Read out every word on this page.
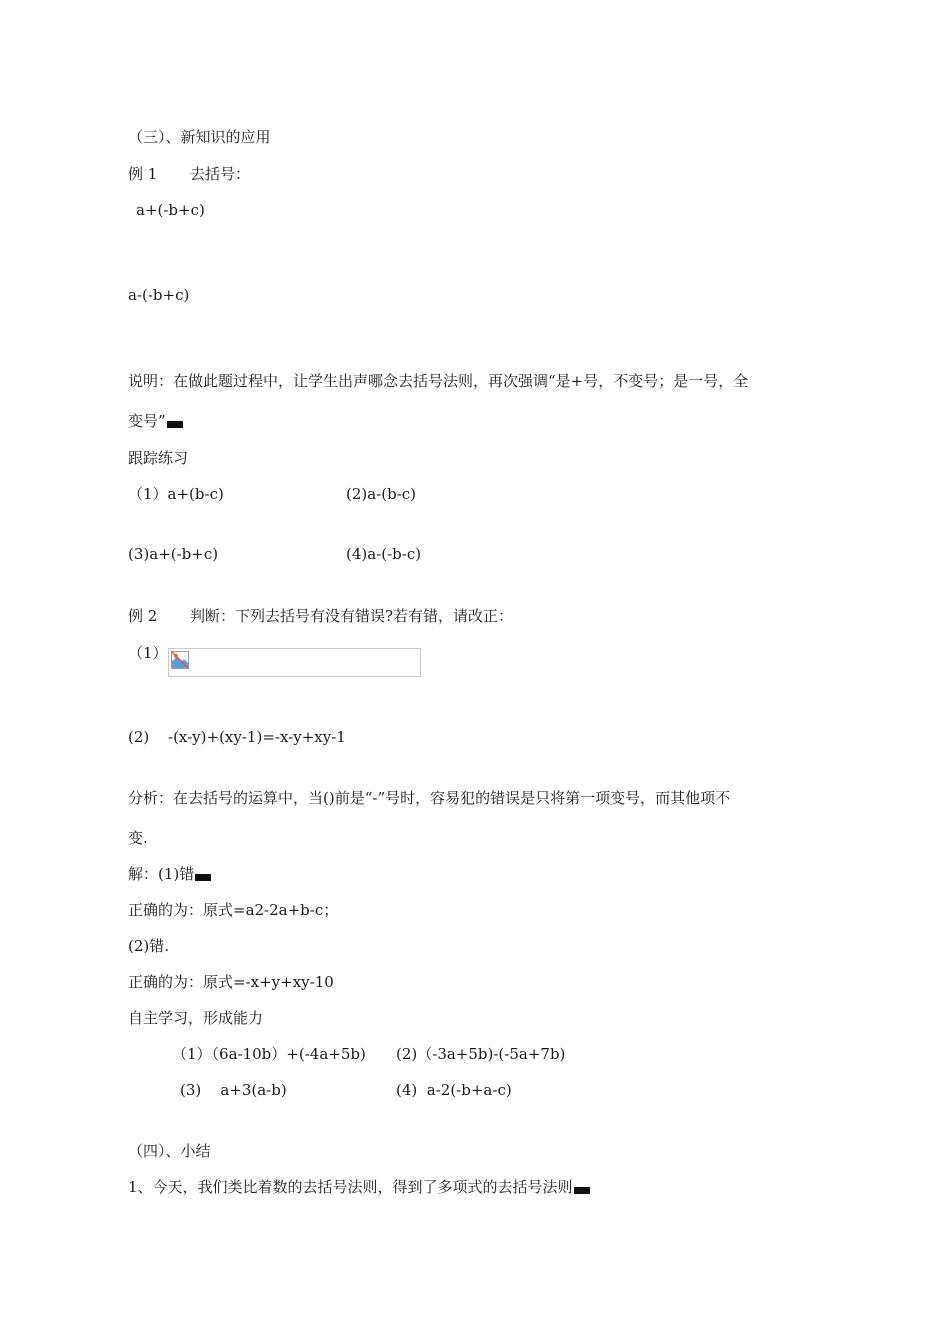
（三）、新知识的应用
例 1 去括号：
a+(-b+c)
a-(-b+c)
说明：在做此题过程中，让学生出声哪念去括号法则，再次强调“是+号，不变号；是一号，全
变号”
跟踪练习
（1）a+(b-c)	(2)a-(b-c)
(3)a+(-b+c)	(4)a-(-b-c)
例 2 判断：下列去括号有没有错误?若有错，请改正：
（1）
(2) -(x-y)+(xy-1)=-x-y+xy-1
分析：在去括号的运算中，当()前是“-”号时，容易犯的错误是只将第一项变号，而其他项不
变.
解：(1)错
正确的为：原式=a2-2a+b-c；
(2)错.
正确的为：原式=-x+y+xy-10
自主学习，形成能力
（1）（6a-10b）+(-4a+5b) (2)（-3a+5b)-(-5a+7b)
(3)    a+3(a-b)	(4)  a-2(-b+a-c)
（四）、小结
1、今天，我们类比着数的去括号法则，得到了多项式的去括号法则
